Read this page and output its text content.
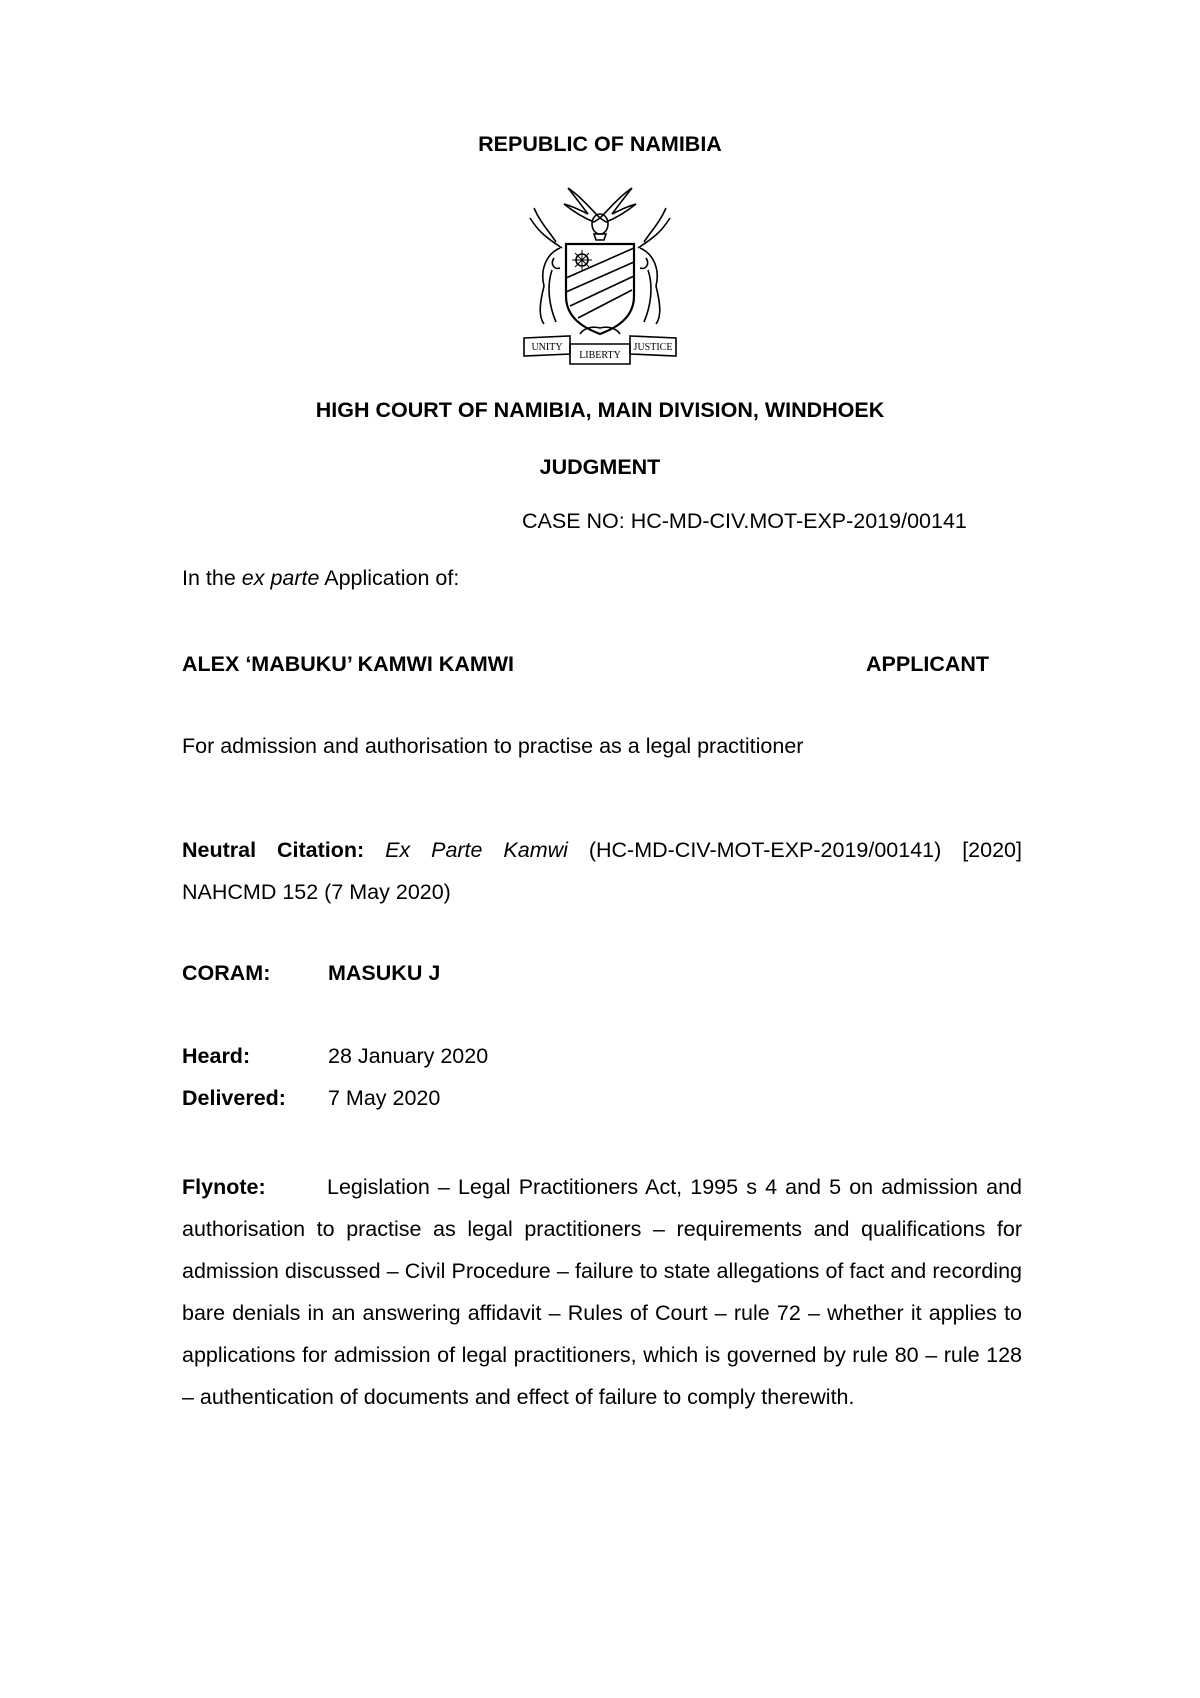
REPUBLIC OF NAMIBIA
UNITY
LIBERTY
JUSTICE
HIGH COURT OF NAMIBIA, MAIN DIVISION, WINDHOEK
JUDGMENT
CASE NO: HC-MD-CIV.MOT-EXP-2019/00141
In the ex parte Application of:
ALEX ‘MABUKU’ KAMWI KAMWI	APPLICANT
For admission and authorisation to practise as a legal practitioner
Neutral Citation: Ex Parte Kamwi (HC-MD-CIV-MOT-EXP-2019/00141) [2020] NAHCMD 152 (7 May 2020)
CORAM:	MASUKU J
Heard:	28 January 2020
Delivered: 7 May 2020
Flynote:	Legislation – Legal Practitioners Act, 1995 s 4 and 5 on admission and authorisation to practise as legal practitioners – requirements and qualifications for admission discussed – Civil Procedure – failure to state allegations of fact and recording bare denials in an answering affidavit – Rules of Court – rule 72 – whether it applies to applications for admission of legal practitioners, which is governed by rule 80 – rule 128 – authentication of documents and effect of failure to comply therewith.
